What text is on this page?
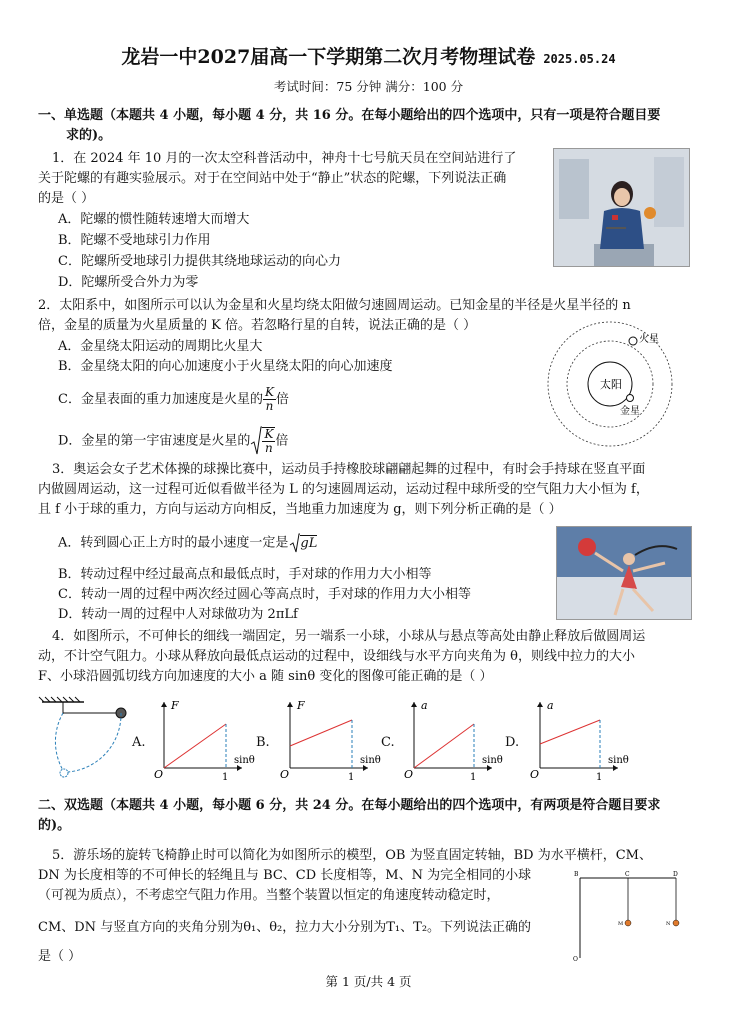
龙岩一中2027届高一下学期第二次月考物理试卷 2025.05.24
考试时间：75 分钟 满分：100 分
一、单选题（本题共 4 小题，每小题 4 分，共 16 分。在每小题给出的四个选项中，只有一项是符合题目要
求的)。
1．在 2024 年 10 月的一次太空科普活动中，神舟十七号航天员在空间站进行了
关于陀螺的有趣实验展示。对于在空间站中处于“静止”状态的陀螺，下列说法正确
的是（ ）
A．陀螺的惯性随转速增大而增大
B．陀螺不受地球引力作用
C．陀螺所受地球引力提供其绕地球运动的向心力
D．陀螺所受合外力为零
2．太阳系中，如图所示可以认为金星和火星均绕太阳做匀速圆周运动。已知金星的半径是火星半径的 n
倍，金星的质量为火星质量的 K 倍。若忽略行星的自转，说法正确的是（ ）
A．金星绕太阳运动的周期比火星大
B．金星绕太阳的向心加速度小于火星绕太阳的向心加速度
C．金星表面的重力加速度是火星的 $\frac{K}{n}$ 倍
D．金星的第一宇宙速度是火星的 $\frac{K}{n}$ 倍
太阳
火星
金星
3．奥运会女子艺术体操的球操比赛中，运动员手持橡胶球翩翩起舞的过程中，有时会手持球在竖直平面
内做圆周运动，这一过程可近似看做半径为 L 的匀速圆周运动，运动过程中球所受的空气阻力大小恒为 f，
且 f 小于球的重力，方向与运动方向相反，当地重力加速度为 g，则下列分析正确的是（ ）
A．转到圆心正上方时的最小速度一定是 gL
B．转动过程中经过最高点和最低点时，手对球的作用力大小相等
C．转动一周的过程中两次经过圆心等高点时，手对球的作用力大小相等
D．转动一周的过程中人对球做功为 2πLf
4．如图所示，不可伸长的细线一端固定，另一端系一小球，小球从与悬点等高处由静止释放后做圆周运
动，不计空气阻力。小球从释放向最低点运动的过程中，设细线与水平方向夹角为 θ，则线中拉力的大小
F、小球沿圆弧切线方向加速度的大小 a 随 sinθ 变化的图像可能正确的是（ ）
A.
F
O
sinθ
1
B.
F
O
sinθ
1
C.
a
O
sinθ
1
D.
a
O
sinθ
1
二、双选题（本题共 4 小题，每小题 6 分，共 24 分。在每小题给出的四个选项中，有两项是符合题目要求
的)。
5．游乐场的旋转飞椅静止时可以简化为如图所示的模型，OB 为竖直固定转轴，BD 为水平横杆，CM、
DN 为长度相等的不可伸长的轻绳且与 BC、CD 长度相等，M、N 为完全相同的小球
（可视为质点），不考虑空气阻力作用。当整个装置以恒定的角速度转动稳定时，
CM、DN 与竖直方向的夹角分别为θ₁、θ₂，拉力大小分别为T₁、T₂。下列说法正确的
是（ ）
B	C	D
M	N
O
第 1 页/共 4 页
